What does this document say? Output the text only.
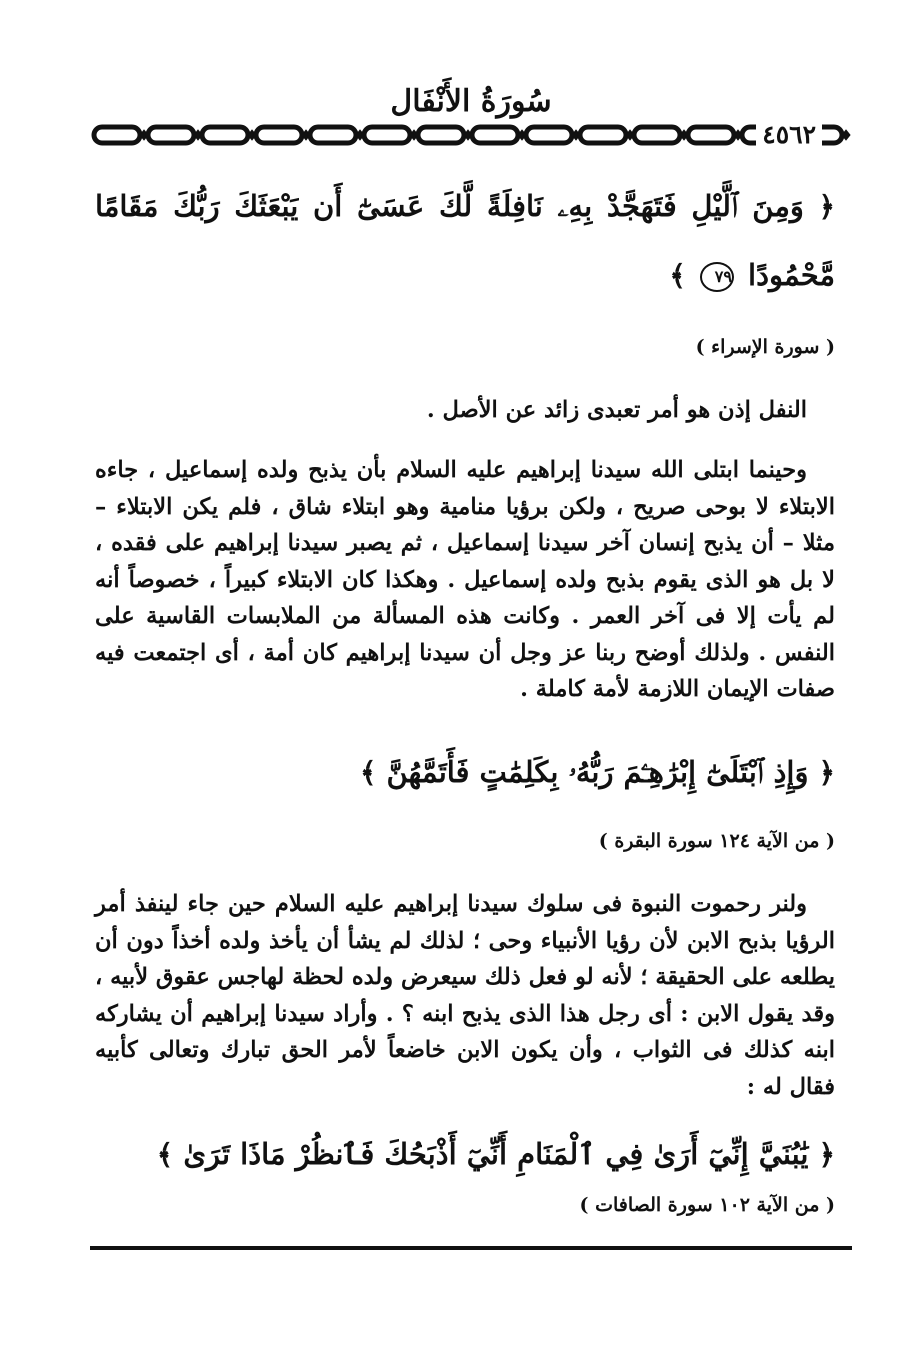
سُورَةُ الأَنْفَال
٤٥٦٢
﴿ وَمِنَ ٱلَّيْلِ فَتَهَجَّدْ بِهِۦ نَافِلَةً لَّكَ عَسَىٰٓ أَن يَبْعَثَكَ رَبُّكَ مَقَامًا مَّحْمُودًا ٧٩ ﴾
( سورة الإسراء )

النفل إذن هو أمر تعبدى زائد عن الأصل .

وحينما ابتلى الله سيدنا إبراهيم عليه السلام بأن يذبح ولده إسماعيل ، جاءه الابتلاء لا بوحى صريح ، ولكن برؤيا منامية وهو ابتلاء شاق ، فلم يكن الابتلاء – مثلا – أن يذبح إنسان آخر سيدنا إسماعيل ، ثم يصبر سيدنا إبراهيم على فقده ، لا بل هو الذى يقوم بذبح ولده إسماعيل . وهكذا كان الابتلاء كبيراً ، خصوصاً أنه لم يأت إلا فى آخر العمر . وكانت هذه المسألة من الملابسات القاسية على النفس . ولذلك أوضح ربنا عز وجل أن سيدنا إبراهيم كان أمة ، أى اجتمعت فيه صفات الإيمان اللازمة لأمة كاملة .

﴿ وَإِذِ ٱبْتَلَىٰٓ إِبْرَٰهِـۧمَ رَبُّهُۥ بِكَلِمَٰتٍ فَأَتَمَّهُنَّ ﴾
( من الآية ١٢٤ سورة البقرة )

ولنر رحموت النبوة فى سلوك سيدنا إبراهيم عليه السلام حين جاء لينفذ أمر الرؤيا بذبح الابن لأن رؤيا الأنبياء وحى ؛ لذلك لم يشأ أن يأخذ ولده أخذاً دون أن يطلعه على الحقيقة ؛ لأنه لو فعل ذلك سيعرض ولده لحظة لهاجس عقوق لأبيه ، وقد يقول الابن : أى رجل هذا الذى يذبح ابنه ؟ . وأراد سيدنا إبراهيم أن يشاركه ابنه كذلك فى الثواب ، وأن يكون الابن خاضعاً لأمر الحق تبارك وتعالى كأبيه فقال له :

﴿ يَٰبُنَيَّ إِنِّيٓ أَرَىٰ فِي ٱلْمَنَامِ أَنِّيٓ أَذْبَحُكَ فَٱنظُرْ مَاذَا تَرَىٰ ﴾
( من الآية ١٠٢ سورة الصافات )
